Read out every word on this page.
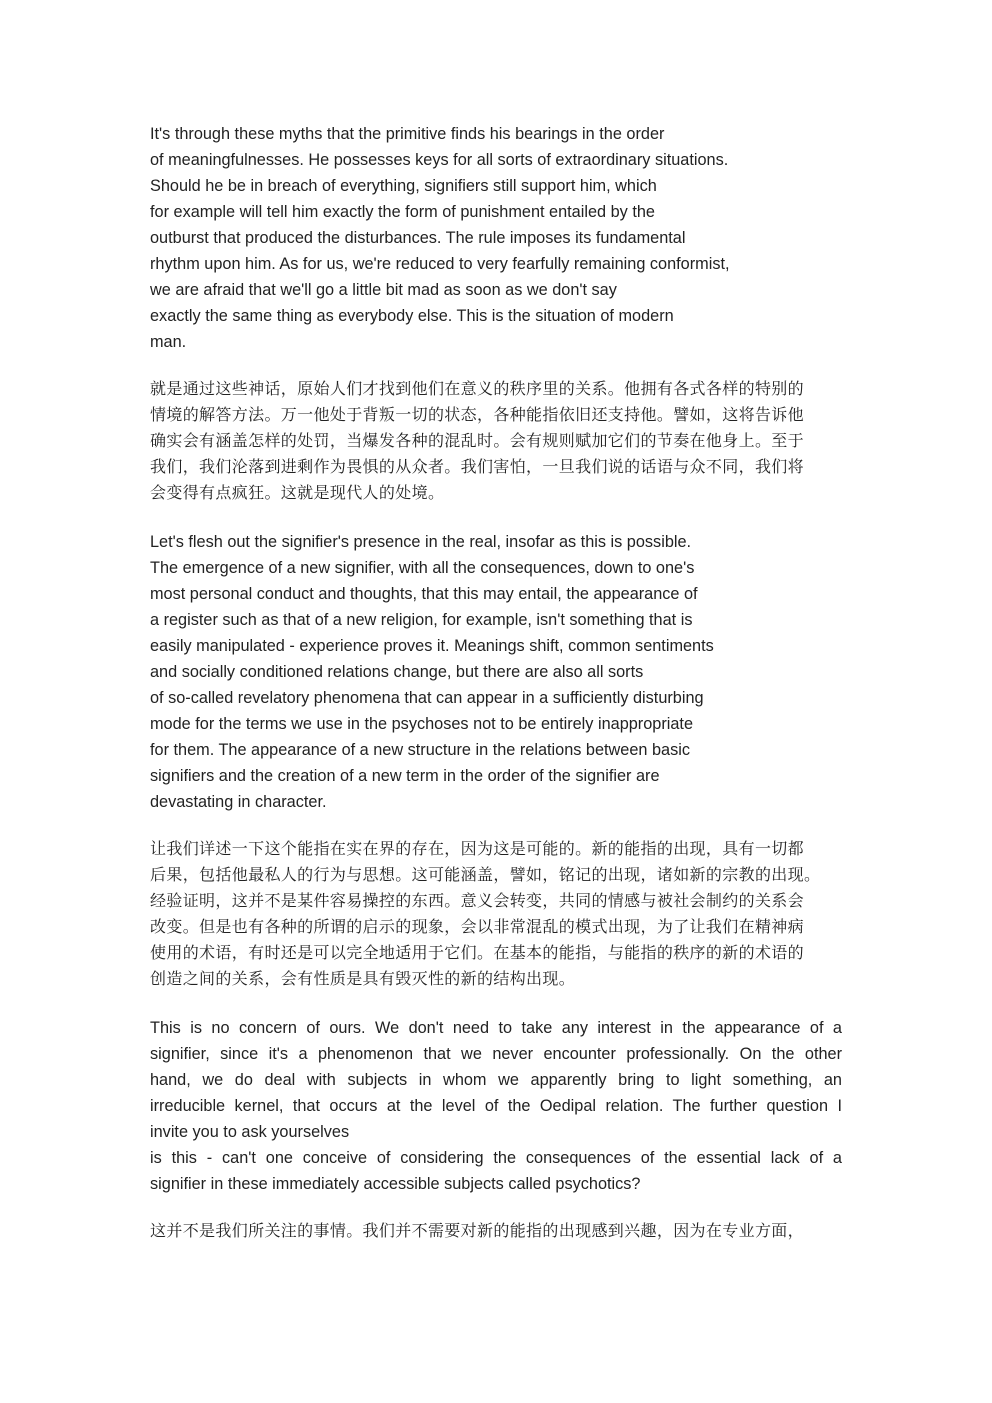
It's through these myths that the primitive finds his bearings in the order
of meaningfulnesses. He possesses keys for all sorts of extraordinary situations.
Should he be in breach of everything, signifiers still support him, which
for example will tell him exactly the form of punishment entailed by the
outburst that produced the disturbances. The rule imposes its fundamental
rhythm upon him. As for us, we're reduced to very fearfully remaining conformist,
we are afraid that we'll go a little bit mad as soon as we don't say
exactly the same thing as everybody else. This is the situation of modern
man.
就是通过这些神话，原始人们才找到他们在意义的秩序里的关系。他拥有各式各样的特别的
情境的解答方法。万一他处于背叛一切的状态，各种能指依旧还支持他。譬如，这将告诉他
确实会有涵盖怎样的处罚，当爆发各种的混乱时。会有规则赋加它们的节奏在他身上。至于
我们，我们沦落到进剩作为畏惧的从众者。我们害怕，一旦我们说的话语与众不同，我们将
会变得有点疯狂。这就是现代人的处境。
Let's flesh out the signifier's presence in the real, insofar as this is possible.
The emergence of a new signifier, with all the consequences, down to one's
most personal conduct and thoughts, that this may entail, the appearance of
a register such as that of a new religion, for example, isn't something that is
easily manipulated - experience proves it. Meanings shift, common sentiments
and socially conditioned relations change, but there are also all sorts
of so-called revelatory phenomena that can appear in a sufficiently disturbing
mode for the terms we use in the psychoses not to be entirely inappropriate
for them. The appearance of a new structure in the relations between basic
signifiers and the creation of a new term in the order of the signifier are
devastating in character.
让我们详述一下这个能指在实在界的存在，因为这是可能的。新的能指的出现，具有一切都
后果，包括他最私人的行为与思想。这可能涵盖，譬如，铭记的出现，诸如新的宗教的出现。
经验证明，这并不是某件容易操控的东西。意义会转变，共同的情感与被社会制约的关系会
改变。但是也有各种的所谓的启示的现象，会以非常混乱的模式出现，为了让我们在精神病
使用的术语，有时还是可以完全地适用于它们。在基本的能指，与能指的秩序的新的术语的
创造之间的关系，会有性质是具有毁灭性的新的结构出现。
This is no concern of ours. We don't need to take any interest in the appearance of a
signifier, since it's a phenomenon that we never encounter professionally. On the other
hand, we do deal with subjects in whom we apparently bring to light something, an
irreducible kernel, that occurs at the level of the Oedipal relation. The further question I
invite you to ask yourselves
is this - can't one conceive of considering the consequences of the essential lack of a
signifier in these immediately accessible subjects called psychotics?
这并不是我们所关注的事情。我们并不需要对新的能指的出现感到兴趣，因为在专业方面，
